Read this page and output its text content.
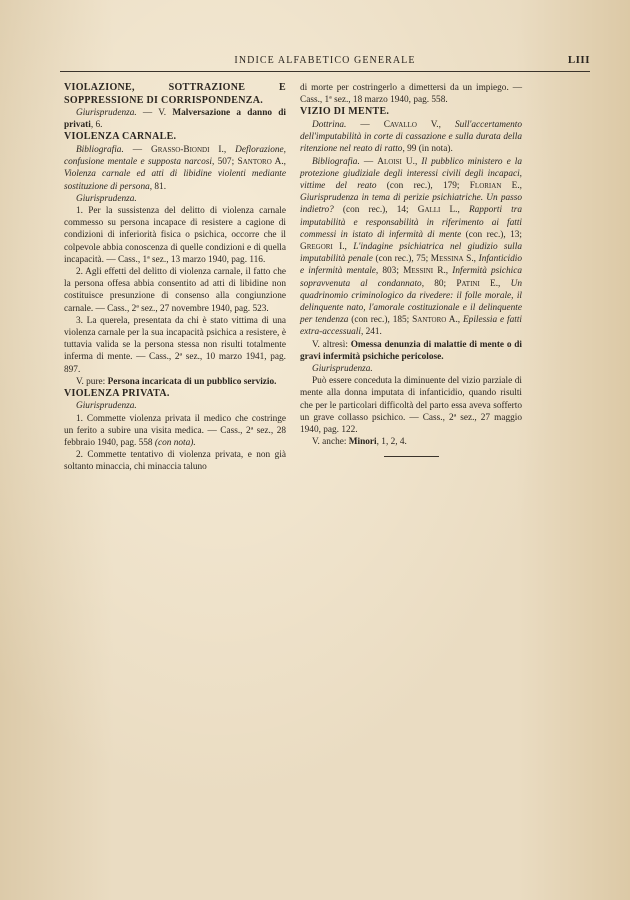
INDICE ALFABETICO GENERALE	LIII

VIOLAZIONE, SOTTRAZIONE E SOPPRESSIONE DI CORRISPONDENZA.

Giurisprudenza. — V. Malversazione a danno di privati, 6.

VIOLENZA CARNALE.

Bibliografia. — Grasso-Biondi I., Deflorazione, confusione mentale e supposta narcosi, 507; Santoro A., Violenza carnale ed atti di libidine violenti mediante sostituzione di persona, 81.

Giurisprudenza.

1. Per la sussistenza del delitto di violenza carnale commesso su persona incapace di resistere a cagione di condizioni di inferiorità fisica o psichica, occorre che il colpevole abbia conoscenza di quelle condizioni e di quella incapacità. — Cass., 1ª sez., 13 marzo 1940, pag. 116.

2. Agli effetti del delitto di violenza carnale, il fatto che la persona offesa abbia consentito ad atti di libidine non costituisce presunzione di consenso alla congiunzione carnale. — Cass., 2ª sez., 27 novembre 1940, pag. 523.

3. La querela, presentata da chi è stato vittima di una violenza carnale per la sua incapacità psichica a resistere, è tuttavia valida se la persona stessa non risulti totalmente inferma di mente. — Cass., 2ª sez., 10 marzo 1941, pag. 897.

V. pure: Persona incaricata di un pubblico servizio.

VIOLENZA PRIVATA.

Giurisprudenza.

1. Commette violenza privata il medico che costringe un ferito a subire una visita medica. — Cass., 2ª sez., 28 febbraio 1940, pag. 558 (con nota).

2. Commette tentativo di violenza privata, e non già soltanto minaccia, chi minaccia taluno

di morte per costringerlo a dimettersi da un impiego. — Cass., 1ª sez., 18 marzo 1940, pag. 558.

VIZIO DI MENTE.

Dottrina. — Cavallo V., Sull'accertamento dell'imputabilità in corte di cassazione e sulla durata della ritenzione nel reato di ratto, 99 (in nota).

Bibliografia. — Aloisi U., Il pubblico ministero e la protezione giudiziale degli interessi civili degli incapaci, vittime del reato (con rec.), 179; Florian E., Giurisprudenza in tema di perizie psichiatriche. Un passo indietro? (con rec.), 14; Galli L., Rapporti tra imputabilità e responsabilità in riferimento ai fatti commessi in istato di infermità di mente (con rec.), 13; Gregori I., L'indagine psichiatrica nel giudizio sulla imputabilità penale (con rec.), 75; Messina S., Infanticidio e infermità mentale, 803; Messini R., Infermità psichica sopravvenuta al condannato, 80; Patini E., Un quadrinomio criminologico da rivedere: il folle morale, il delinquente nato, l'amorale costituzionale e il delinquente per tendenza (con rec.), 185; Santoro A., Epilessia e fatti extra-accessuali, 241.

V. altresì: Omessa denunzia di malattie di mente o di gravi infermità psichiche pericolose.

Giurisprudenza.

Può essere conceduta la diminuente del vizio parziale di mente alla donna imputata di infanticidio, quando risulti che per le particolari difficoltà del parto essa aveva sofferto un grave collasso psichico. — Cass., 2ª sez., 27 maggio 1940, pag. 122.

V. anche: Minori, 1, 2, 4.
